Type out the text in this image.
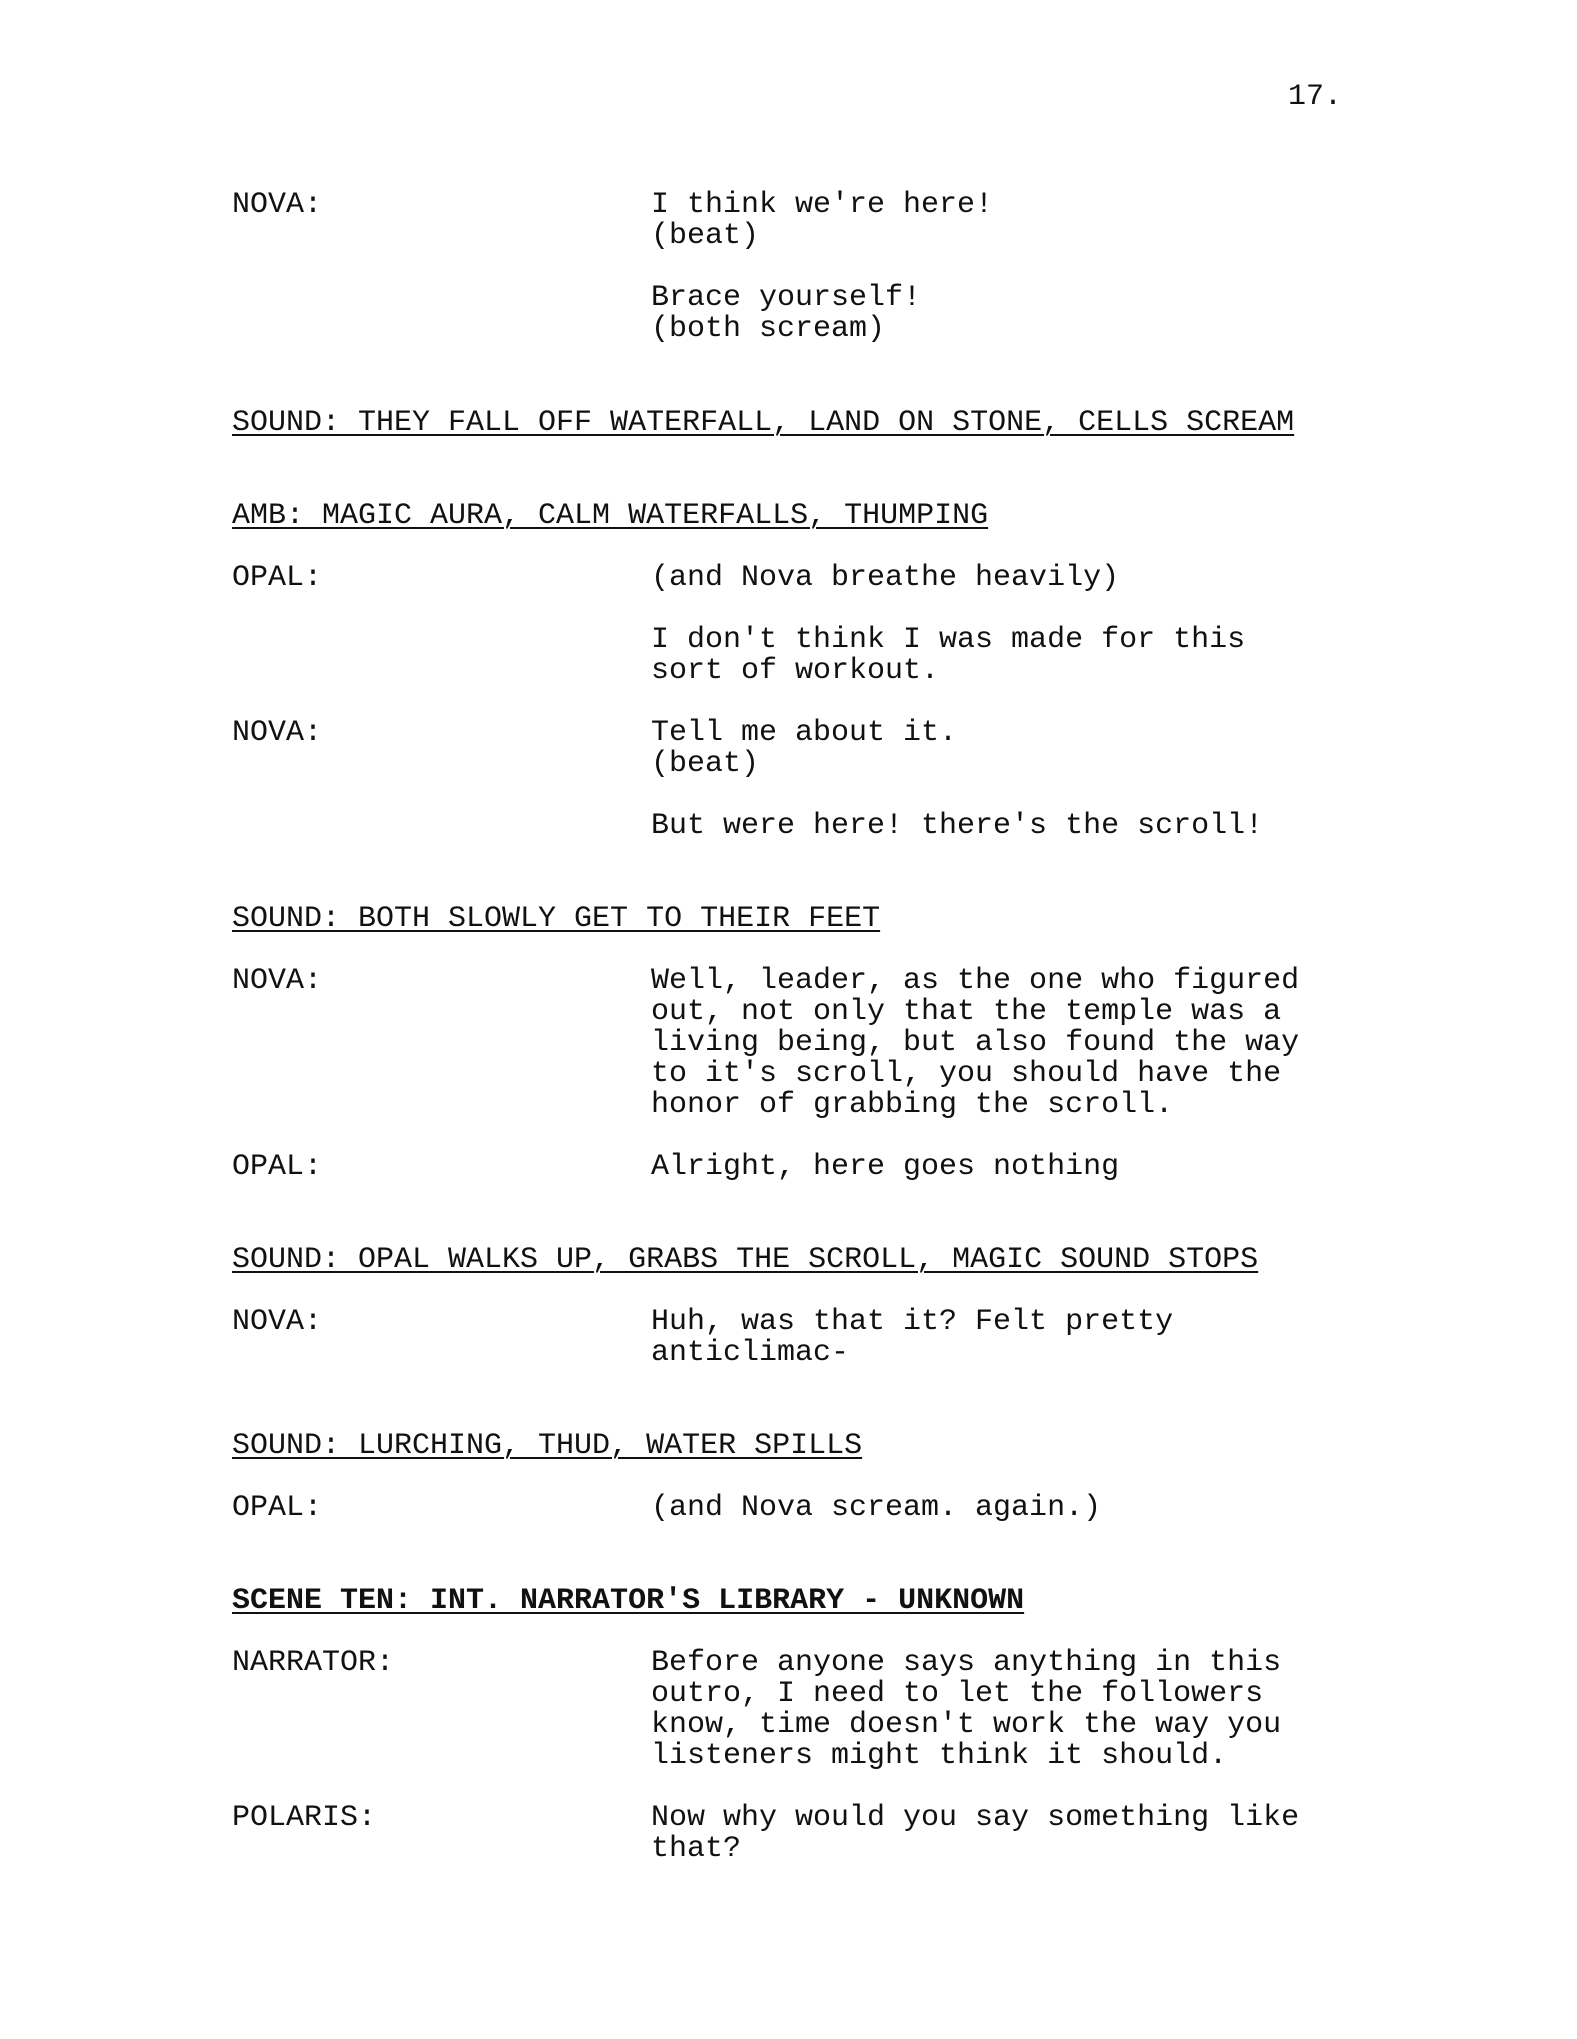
17.
NOVA:	I think we're here!
(beat)
Brace yourself!
(both scream)
SOUND: THEY FALL OFF WATERFALL, LAND ON STONE, CELLS SCREAM
AMB: MAGIC AURA, CALM WATERFALLS, THUMPING
OPAL:	(and Nova breathe heavily)
I don't think I was made for this
sort of workout.
NOVA:	Tell me about it.
(beat)
But were here! there's the scroll!
SOUND: BOTH SLOWLY GET TO THEIR FEET
NOVA:	Well, leader, as the one who figured
out, not only that the temple was a
living being, but also found the way
to it's scroll, you should have the
honor of grabbing the scroll.
OPAL:	Alright, here goes nothing
SOUND: OPAL WALKS UP, GRABS THE SCROLL, MAGIC SOUND STOPS
NOVA:	Huh, was that it? Felt pretty
anticlimac-
SOUND: LURCHING, THUD, WATER SPILLS
OPAL:	(and Nova scream. again.)
SCENE TEN: INT. NARRATOR'S LIBRARY - UNKNOWN
NARRATOR:	Before anyone says anything in this
outro, I need to let the followers
know, time doesn't work the way you
listeners might think it should.
POLARIS:	Now why would you say something like
that?
